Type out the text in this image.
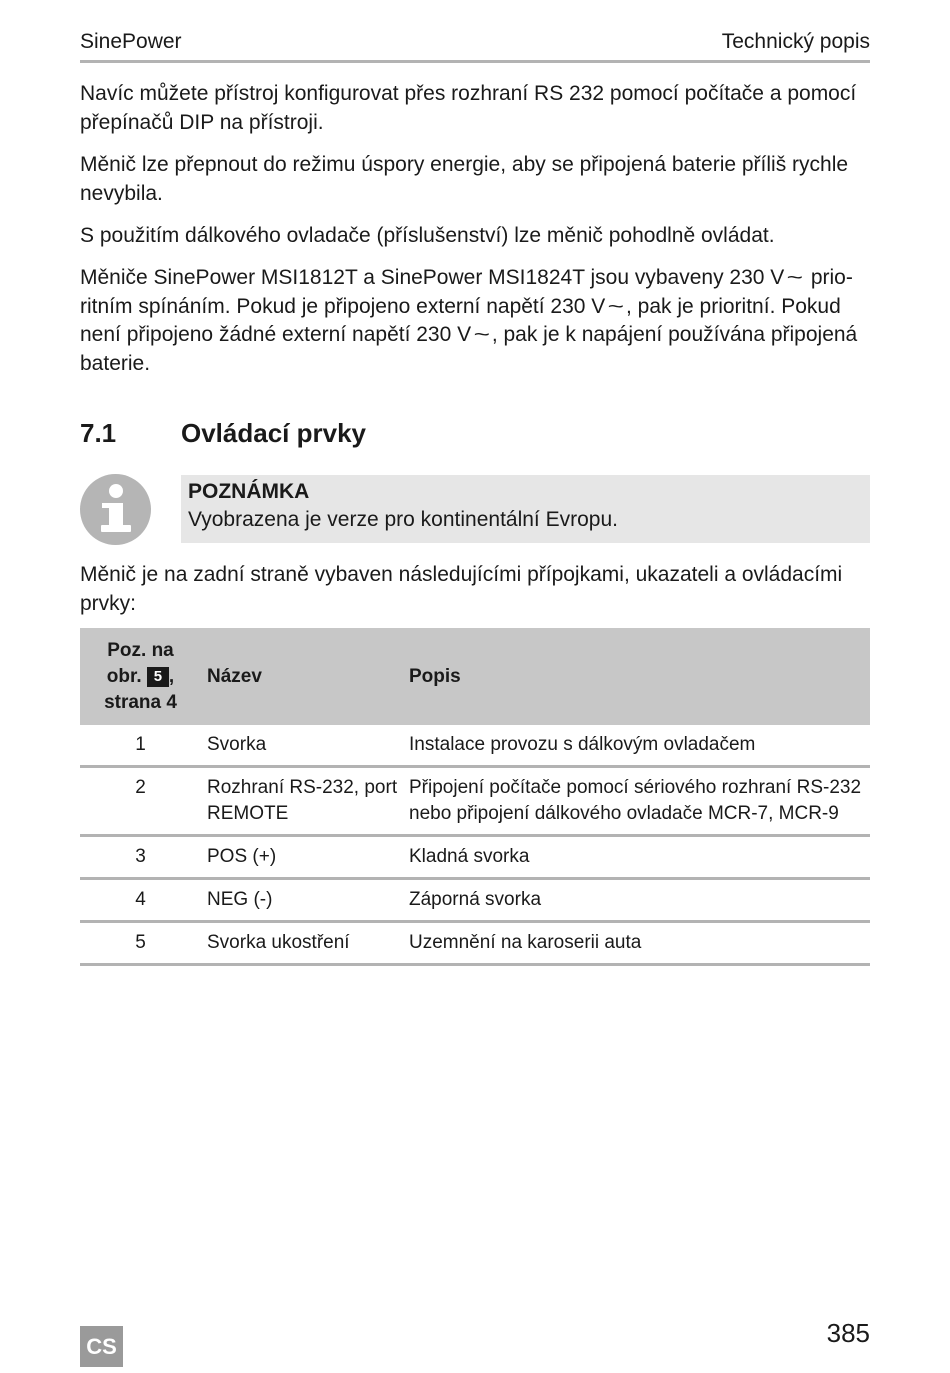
SinePower	Technický popis

Navíc můžete přístroj konfigurovat přes rozhraní RS 232 pomocí počítače a pomocí přepínačů DIP na přístroji.

Měnič lze přepnout do režimu úspory energie, aby se připojená baterie příliš rychle nevybila.

S použitím dálkového ovladače (příslušenství) lze měnič pohodlně ovládat.

Měniče SinePower MSI1812T a SinePower MSI1824T jsou vybaveny 230 V ~ prio-
ritním spínáním. Pokud je připojeno externí napětí 230 V ~, pak je prioritní. Pokud
není připojeno žádné externí napětí 230 V ~, pak je k napájení používána připojená
baterie.

7.1 Ovládací prvky
POZNÁMKA
Vyobrazena je verze pro kontinentální Evropu.

Měnič je na zadní straně vybaven následujícími přípojkami, ukazateli a ovládacími prvky:

Poz. na
obr. 5 ,
strana 4	Název	Popis
1	Svorka	Instalace provozu s dálkovým ovladačem
2	Rozhraní RS-232, port REMOTE	Připojení počítače pomocí sériového rozhraní RS-232 nebo připojení dálkového ovladače MCR-7, MCR-9
3	POS (+)	Kladná svorka
4	NEG (-)	Záporná svorka
5	Svorka ukostření	Uzemnění na karoserii auta
CS	385
